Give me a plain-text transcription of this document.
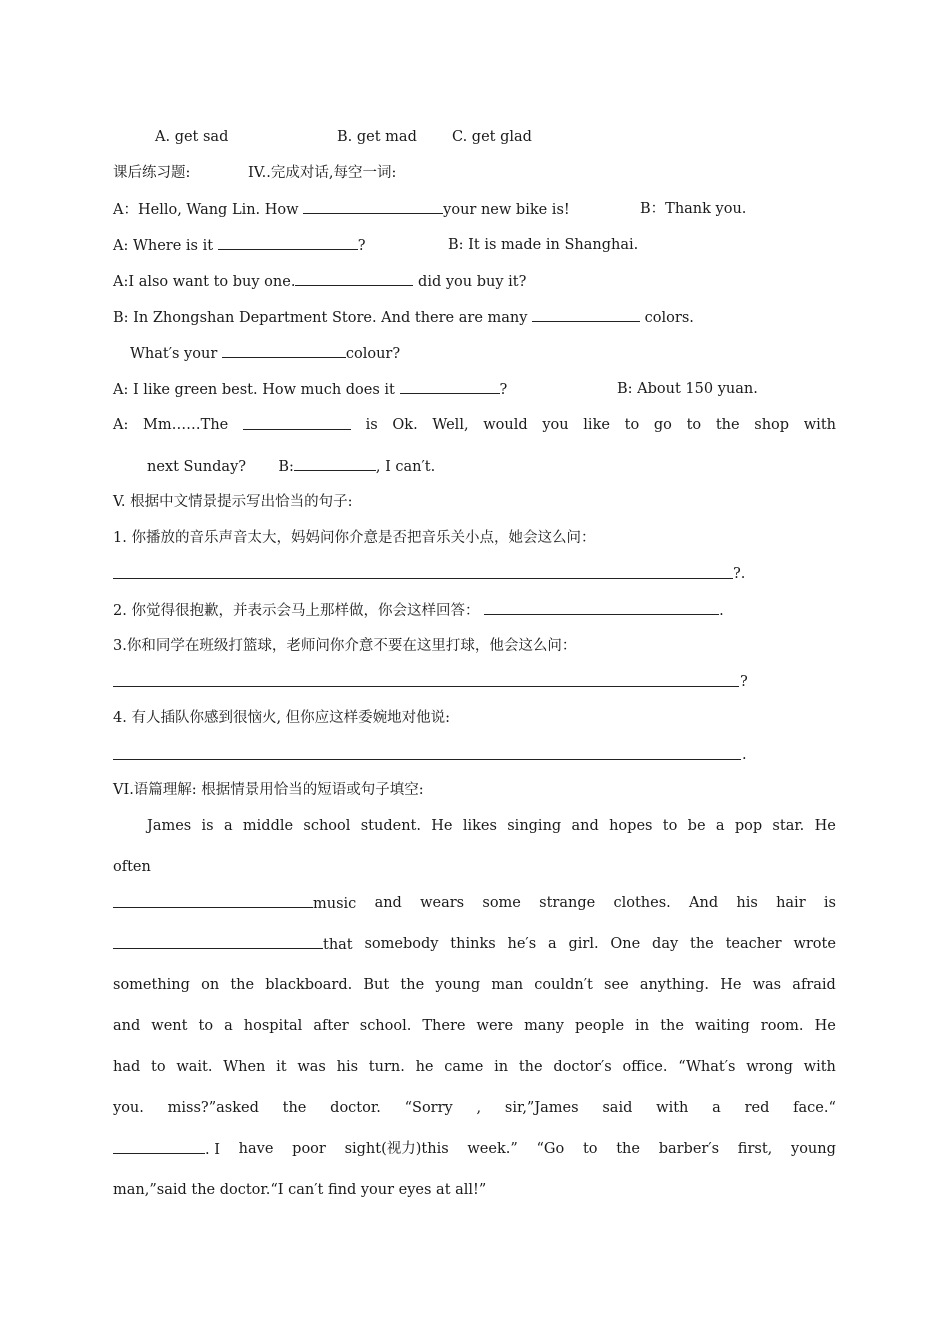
A. get sad	B. get mad C. get glad
课后练习题:	IV..完成对话,每空一词:
A：Hello, Wang Lin. How	your new bike is!	B：Thank you.
A: Where is it	?	B: It is made in Shanghai.
A:I also want to buy one.	did you buy it?
B: In Zhongshan Department Store. And there are many	colors.
What′s your	colour?
A: I like green best. How much does it	?	B: About 150 yuan.
A: Mm……The	is Ok. Well, would you like to go to the shop with
next Sunday? B:	, I can′t.
V. 根据中文情景提示写出恰当的句子:
1. 你播放的音乐声音太大，妈妈问你介意是否把音乐关小点，她会这么问：
?.
2. 你觉得很抱歉，并表示会马上那样做，你会这样回答：	.
3.你和同学在班级打篮球，老师问你介意不要在这里打球，他会这么问：
?
4. 有人插队你感到很恼火, 但你应这样委婉地对他说:
.
VI.语篇理解: 根据情景用恰当的短语或句子填空:
James is a middle school student. He likes singing and hopes to be a pop star. He
often
music and wears some strange clothes. And his hair is
that somebody thinks he′s a girl. One day the teacher wrote
something on the blackboard. But the young man couldn′t see anything. He was afraid
and went to a hospital after school. There were many people in the waiting room. He
had to wait. When it was his turn. he came in the doctor′s office. “What′s wrong with
you. miss?”asked the doctor. “Sorry , sir,”James said with a red face.“
. I have poor sight(视力)this week.” “Go to the barber′s first, young
man,”said the doctor.“I can′t find your eyes at all!”
